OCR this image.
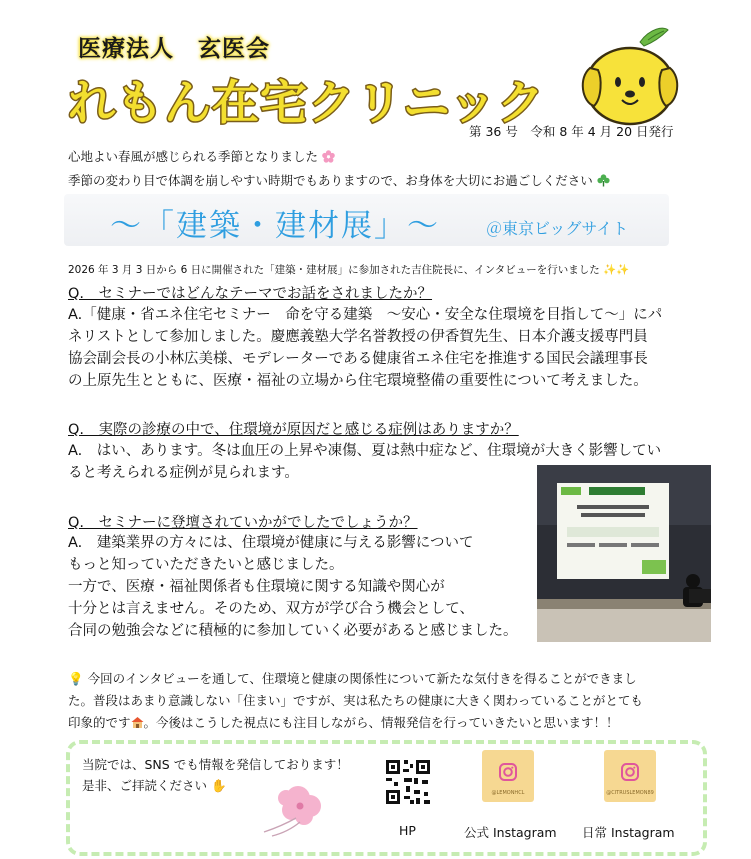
医療法人　玄医会
れもん在宅クリニック
第 36 号　令和 8 年 4 月 20 日発行
心地よい春風が感じられる季節となりました
季節の変わり目で体調を崩しやすい時期でもありますので、お身体を大切にお過ごしください
～「建築・建材展」～	＠東京ビッグサイト
2026 年 3 月 3 日から 6 日に開催された「建築・建材展」に参加された吉住院長に、インタビューを行いました ✨✨
Q.　セミナーではどんなテーマでお話をされましたか？
A.「健康・省エネ住宅セミナー　命を守る建築　～安心・安全な住環境を目指して～」にパ
ネリストとして参加しました。慶應義塾大学名誉教授の伊香賀先生、日本介護支援専門員
協会副会長の小林広美様、モデレーターである健康省エネ住宅を推進する国民会議理事長
の上原先生とともに、医療・福祉の立場から住宅環境整備の重要性について考えました。
Q.　実際の診療の中で、住環境が原因だと感じる症例はありますか？
A.　はい、あります。冬は血圧の上昇や凍傷、夏は熱中症など、住環境が大きく影響してい
ると考えられる症例が見られます。
Q.　セミナーに登壇されていかがでしたでしょうか？
A.　建築業界の方々には、住環境が健康に与える影響について
もっと知っていただきたいと感じました。
一方で、医療・福祉関係者も住環境に関する知識や関心が
十分とは言えません。そのため、双方が学び合う機会として、
合同の勉強会などに積極的に参加していく必要があると感じました。
💡 今回のインタビューを通して、住環境と健康の関係性について新たな気付きを得ることができまし
た。普段はあまり意識しない「住まい」ですが、実は私たちの健康に大きく関わっていることがとても
印象的です 。今後はこうした視点にも注目しながら、情報発信を行っていきたいと思います！！
当院では、SNS でも情報を発信しております！
是非、ご拝読ください ✋
HP
@LEMONHCL
公式 Instagram
@CITRUSLEMON89
日常 Instagram
